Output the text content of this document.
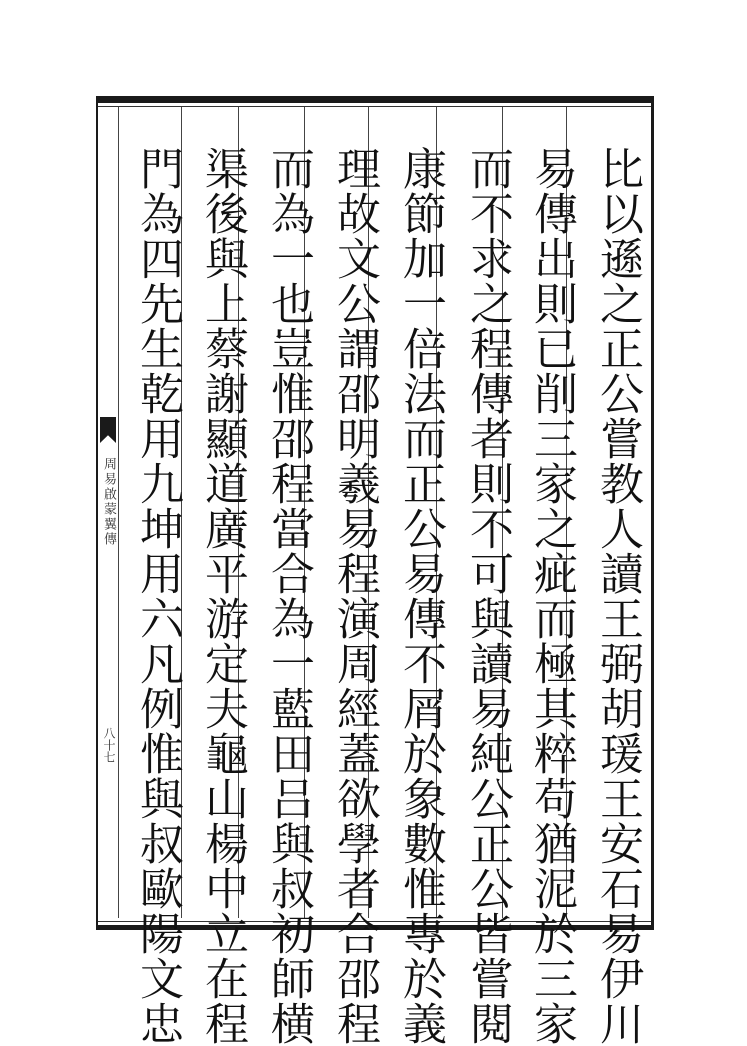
周易啟蒙翼傳
八十七	比以遜之正公嘗教人讀王弼胡瑗王安石易伊川
易傳出則已削三家之疵而極其粹苟猶泥於三家
而不求之程傳者則不可與讀易純公正公皆嘗閱
康節加一倍法而正公易傳不屑於象數惟專於義
理故文公謂邵明羲易程演周經蓋欲學者合邵程
而為一也豈惟邵程當合為一藍田吕與叔初師横
渠後與上蔡謝顯道廣平游定夫龜山楊中立在程
門為四先生乾用九坤用六凡例惟與叔歐陽文忠
